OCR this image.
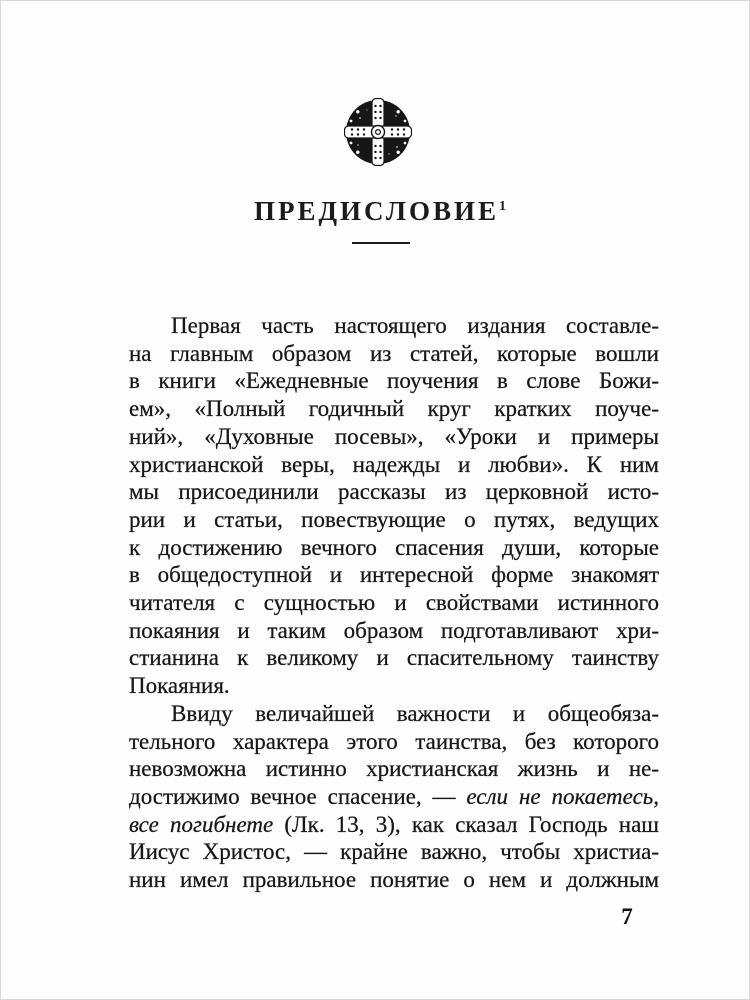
ПРЕДИСЛОВИЕ$^1$
Первая часть настоящего издания составле-
на главным образом из статей, которые вошли
в книги «Ежедневные поучения в слове Божи-
ем», «Полный годичный круг кратких поуче-
ний», «Духовные посевы», «Уроки и примеры
христианской веры, надежды и любви». К ним
мы присоединили рассказы из церковной исто-
рии и статьи, повествующие о путях, ведущих
к достижению вечного спасения души, которые
в общедоступной и интересной форме знакомят
читателя с сущностью и свойствами истинного
покаяния и таким образом подготавливают хри-
стианина к великому и спасительному таинству
Покаяния.
Ввиду величайшей важности и общеобяза-
тельного характера этого таинства, без которого
невозможна истинно христианская жизнь и не-
достижимо вечное спасение, — если не покаетесь,
все погибнете (Лк. 13, 3), как сказал Господь наш
Иисус Христос, — крайне важно, чтобы христиа-
нин имел правильное понятие о нем и должным
7
